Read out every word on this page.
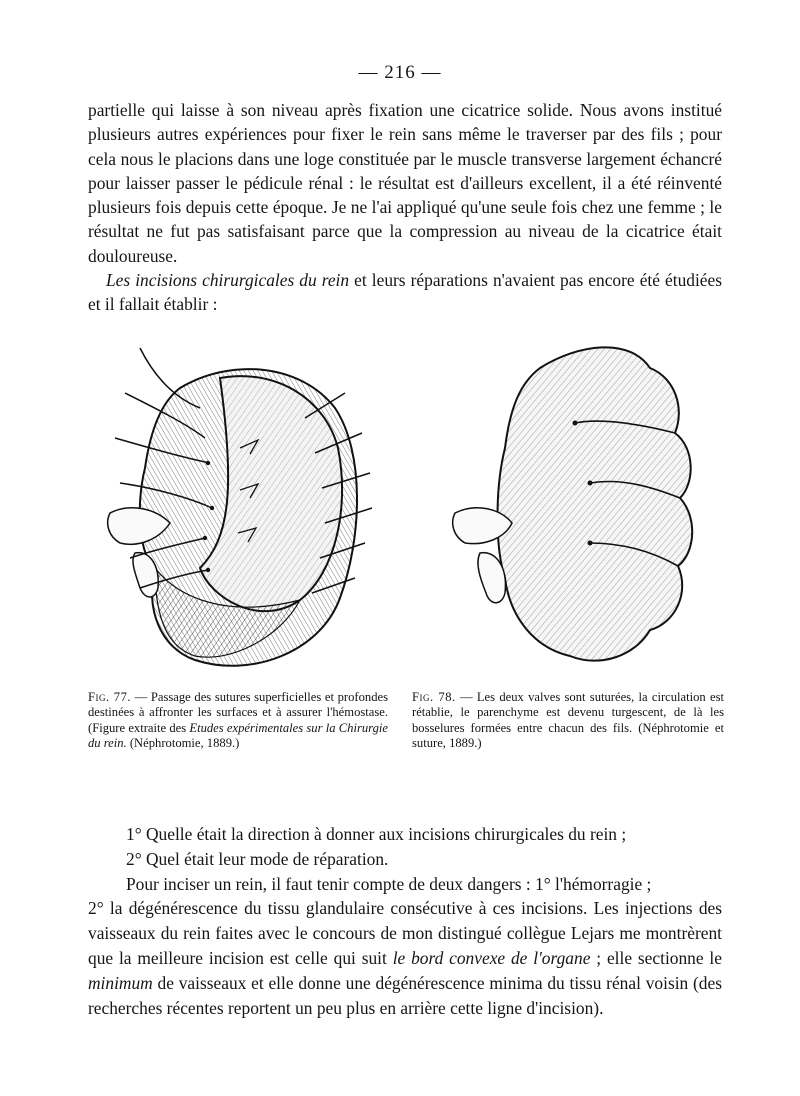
— 216 —

partielle qui laisse à son niveau après fixation une cicatrice solide. Nous avons institué plusieurs autres expériences pour fixer le rein sans même le traverser par des fils ; pour cela nous le placions dans une loge constituée par le muscle transverse largement échancré pour laisser passer le pédicule rénal : le résultat est d'ailleurs excellent, il a été réinventé plusieurs fois depuis cette époque. Je ne l'ai appliqué qu'une seule fois chez une femme ; le résultat ne fut pas satisfaisant parce que la compression au niveau de la cicatrice était douloureuse.

Les incisions chirurgicales du rein et leurs réparations n'avaient pas encore été étudiées et il fallait établir :

Fig. 77. — Passage des sutures superficielles et profondes destinées à affronter les surfaces et à assurer l'hémostase. (Figure extraite des Etudes expérimentales sur la Chirurgie du rein. (Néphrotomie, 1889.)
Fig. 78. — Les deux valves sont suturées, la circulation est rétablie, le parenchyme est devenu turgescent, de là les bosselures formées entre chacun des fils. (Néphrotomie et suture, 1889.)

1° Quelle était la direction à donner aux incisions chirurgicales du rein ;

2° Quel était leur mode de réparation.

Pour inciser un rein, il faut tenir compte de deux dangers : 1° l'hémorragie ;

2° la dégénérescence du tissu glandulaire consécutive à ces incisions. Les injections des vaisseaux du rein faites avec le concours de mon distingué collègue Lejars me montrèrent que la meilleure incision est celle qui suit le bord convexe de l'organe ; elle sectionne le minimum de vaisseaux et elle donne une dégénérescence minima du tissu rénal voisin (des recherches récentes reportent un peu plus en arrière cette ligne d'incision).
